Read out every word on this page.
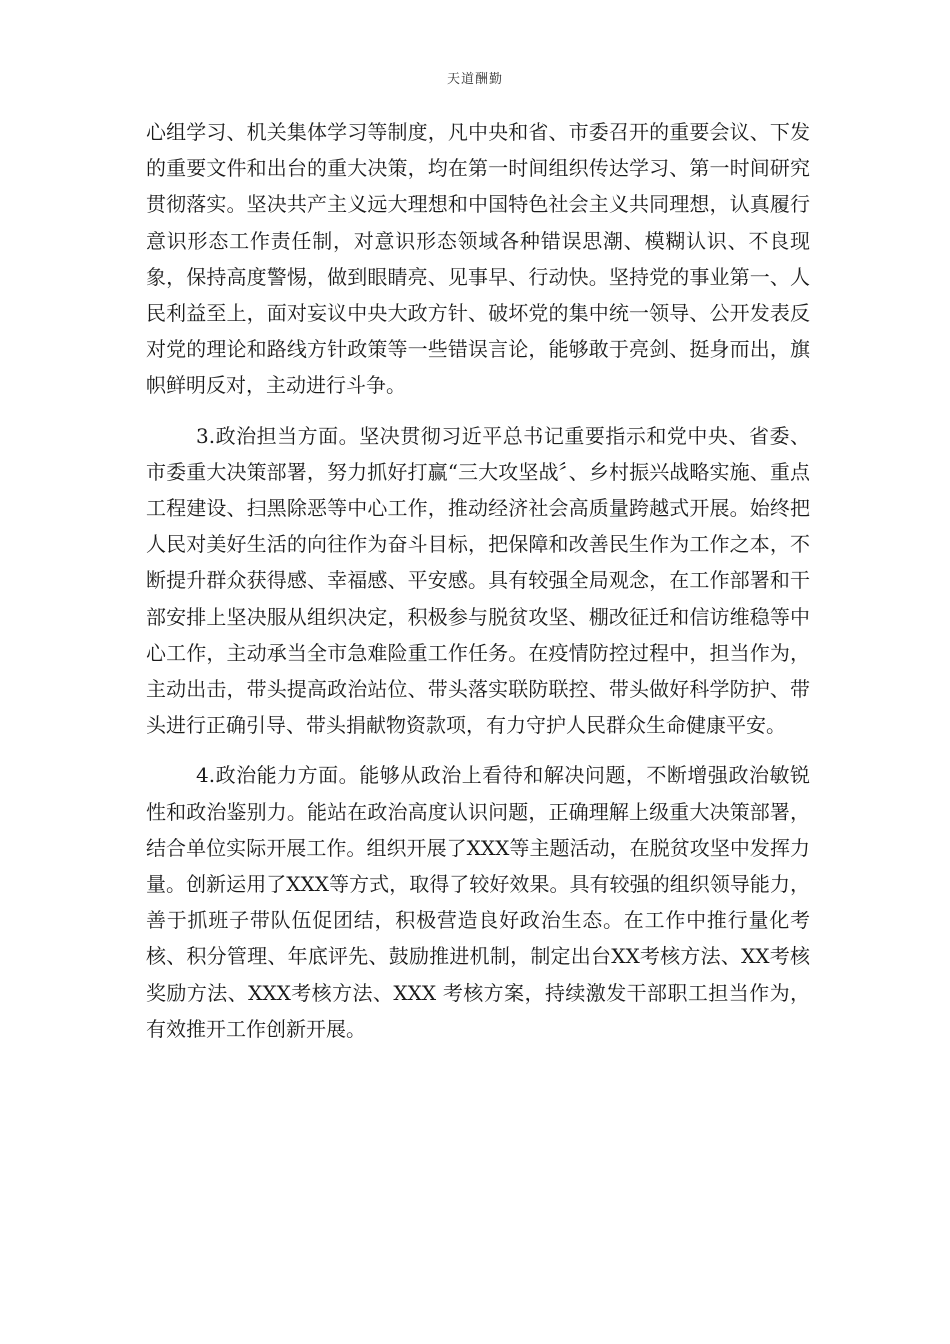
天道酬勤

心组学习、机关集体学习等制度，凡中央和省、市委召开的重要会议、下发的重要文件和出台的重大决策，均在第一时间组织传达学习、第一时间研究贯彻落实。坚决共产主义远大理想和中国特色社会主义共同理想，认真履行意识形态工作责任制，对意识形态领域各种错误思潮、模糊认识、不良现象，保持高度警惕，做到眼睛亮、见事早、行动快。坚持党的事业第一、人民利益至上，面对妄议中央大政方针、破坏党的集中统一领导、公开发表反对党的理论和路线方针政策等一些错误言论，能够敢于亮剑、挺身而出，旗帜鲜明反对，主动进行斗争。

3.政治担当方面。坚决贯彻习近平总书记重要指示和党中央、省委、市委重大决策部署，努力抓好打赢“三大攻坚战〞、乡村振兴战略实施、重点工程建设、扫黑除恶等中心工作，推动经济社会高质量跨越式开展。始终把人民对美好生活的向往作为奋斗目标，把保障和改善民生作为工作之本，不断提升群众获得感、幸福感、平安感。具有较强全局观念，在工作部署和干部安排上坚决服从组织决定，积极参与脱贫攻坚、棚改征迁和信访维稳等中心工作，主动承当全市急难险重工作任务。在疫情防控过程中，担当作为，主动出击，带头提高政治站位、带头落实联防联控、带头做好科学防护、带头进行正确引导、带头捐献物资款项，有力守护人民群众生命健康平安。

4.政治能力方面。能够从政治上看待和解决问题，不断增强政治敏锐性和政治鉴别力。能站在政治高度认识问题，正确理解上级重大决策部署，结合单位实际开展工作。组织开展了XXX等主题活动，在脱贫攻坚中发挥力量。创新运用了XXX等方式，取得了较好效果。具有较强的组织领导能力，善于抓班子带队伍促团结，积极营造良好政治生态。在工作中推行量化考核、积分管理、年底评先、鼓励推进机制，制定出台XX考核方法、XX考核奖励方法、XXX考核方法、XXX 考核方案，持续激发干部职工担当作为，有效推开工作创新开展。
